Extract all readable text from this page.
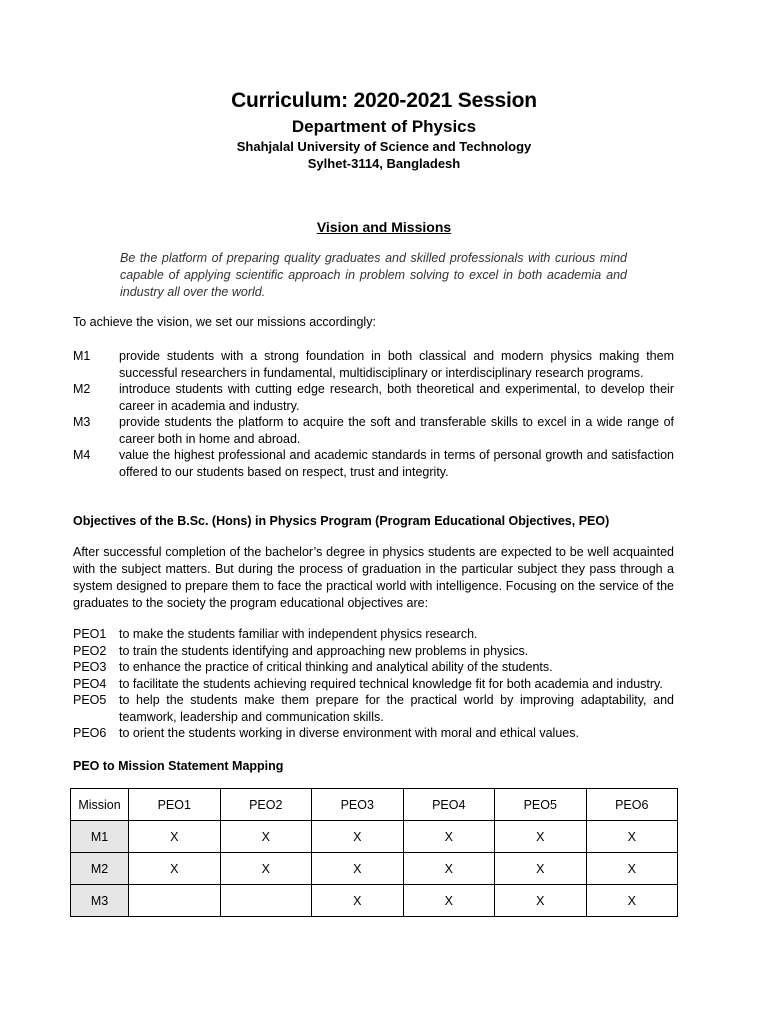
Curriculum: 2020-2021 Session
Department of Physics
Shahjalal University of Science and Technology
Sylhet-3114, Bangladesh
Vision and Missions

Be the platform of preparing quality graduates and skilled professionals with curious mind capable of applying scientific approach in problem solving to excel in both academia and industry all over the world.

To achieve the vision, we set our missions accordingly:

M1	provide students with a strong foundation in both classical and modern physics making them successful researchers in fundamental, multidisciplinary or interdisciplinary research programs.
M2	introduce students with cutting edge research, both theoretical and experimental, to develop their career in academia and industry.
M3	provide students the platform to acquire the soft and transferable skills to excel in a wide range of career both in home and abroad.
M4	value the highest professional and academic standards in terms of personal growth and satisfaction offered to our students based on respect, trust and integrity.
Objectives of the B.Sc. (Hons) in Physics Program (Program Educational Objectives, PEO)

After successful completion of the bachelor’s degree in physics students are expected to be well acquainted with the subject matters. But during the process of graduation in the particular subject they pass through a system designed to prepare them to face the practical world with intelligence. Focusing on the service of the graduates to the society the program educational objectives are:

PEO1	to make the students familiar with independent physics research.
PEO2	to train the students identifying and approaching new problems in physics.
PEO3	to enhance the practice of critical thinking and analytical ability of the students.
PEO4	to facilitate the students achieving required technical knowledge fit for both academia and industry.
PEO5	to help the students make them prepare for the practical world by improving adaptability, and teamwork, leadership and communication skills.
PEO6	to orient the students working in diverse environment with moral and ethical values.
PEO to Mission Statement Mapping
Mission	PEO1	PEO2	PEO3	PEO4	PEO5	PEO6
M1	X	X	X	X	X	X
M2	X	X	X	X	X	X
M3			X	X	X	X
